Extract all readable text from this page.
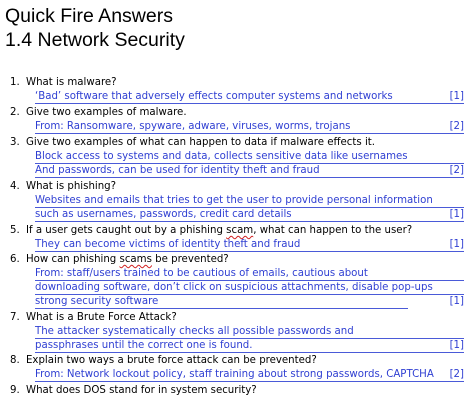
Quick Fire Answers
1.4 Network Security
1. What is malware?
‘Bad’ software that adversely effects computer systems and networks	[1]
2. Give two examples of malware.
From: Ransomware, spyware, adware, viruses, worms, trojans	[2]
3. Give two examples of what can happen to data if malware effects it.
Block access to systems and data, collects sensitive data like usernames
And passwords, can be used for identity theft and fraud	[2]
4. What is phishing?
Websites and emails that tries to get the user to provide personal information
such as usernames, passwords, credit card details	[1]
5. If a user gets caught out by a phishing scam, what can happen to the user?
They can become victims of identity theft and fraud	[1]
6. How can phishing scams be prevented?
From: staff/users trained to be cautious of emails, cautious about
downloading software, don’t click on suspicious attachments, disable pop-ups
strong security software	[1]
7. What is a Brute Force Attack?
The attacker systematically checks all possible passwords and
passphrases until the correct one is found.	[1]
8. Explain two ways a brute force attack can be prevented?
From: Network lockout policy, staff training about strong passwords, CAPTCHA [2]
9. What does DOS stand for in system security?
